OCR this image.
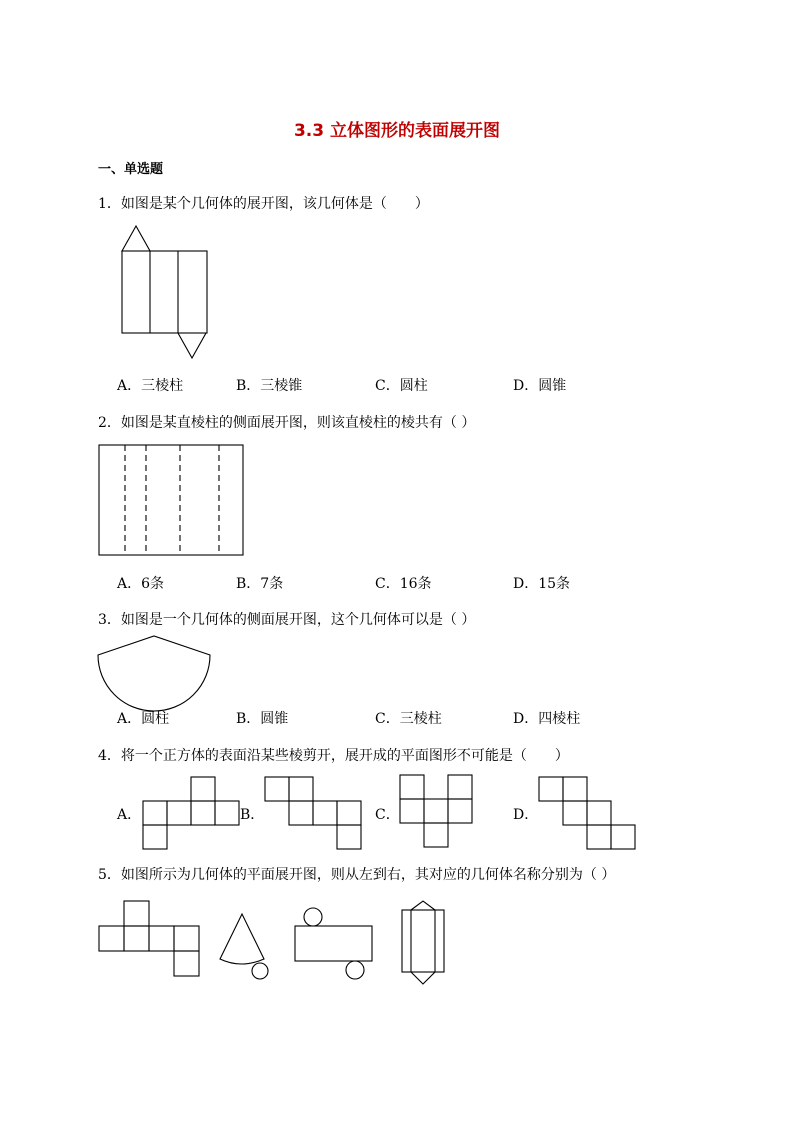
3.3 立体图形的表面展开图
一、单选题
1．如图是某个几何体的展开图，该几何体是（　　）
A．三棱柱	B．三棱锥	C．圆柱	D．圆锥
2．如图是某直棱柱的侧面展开图，则该直棱柱的棱共有（ ）
A．6条	B．7条	C．16条	D．15条
3．如图是一个几何体的侧面展开图，这个几何体可以是（ ）
A．圆柱	B．圆锥	C．三棱柱	D．四棱柱
4．将一个正方体的表面沿某些棱剪开，展开成的平面图形不可能是（　　）
A．	B．	C．	D．
5．如图所示为几何体的平面展开图，则从左到右，其对应的几何体名称分别为（ ）
